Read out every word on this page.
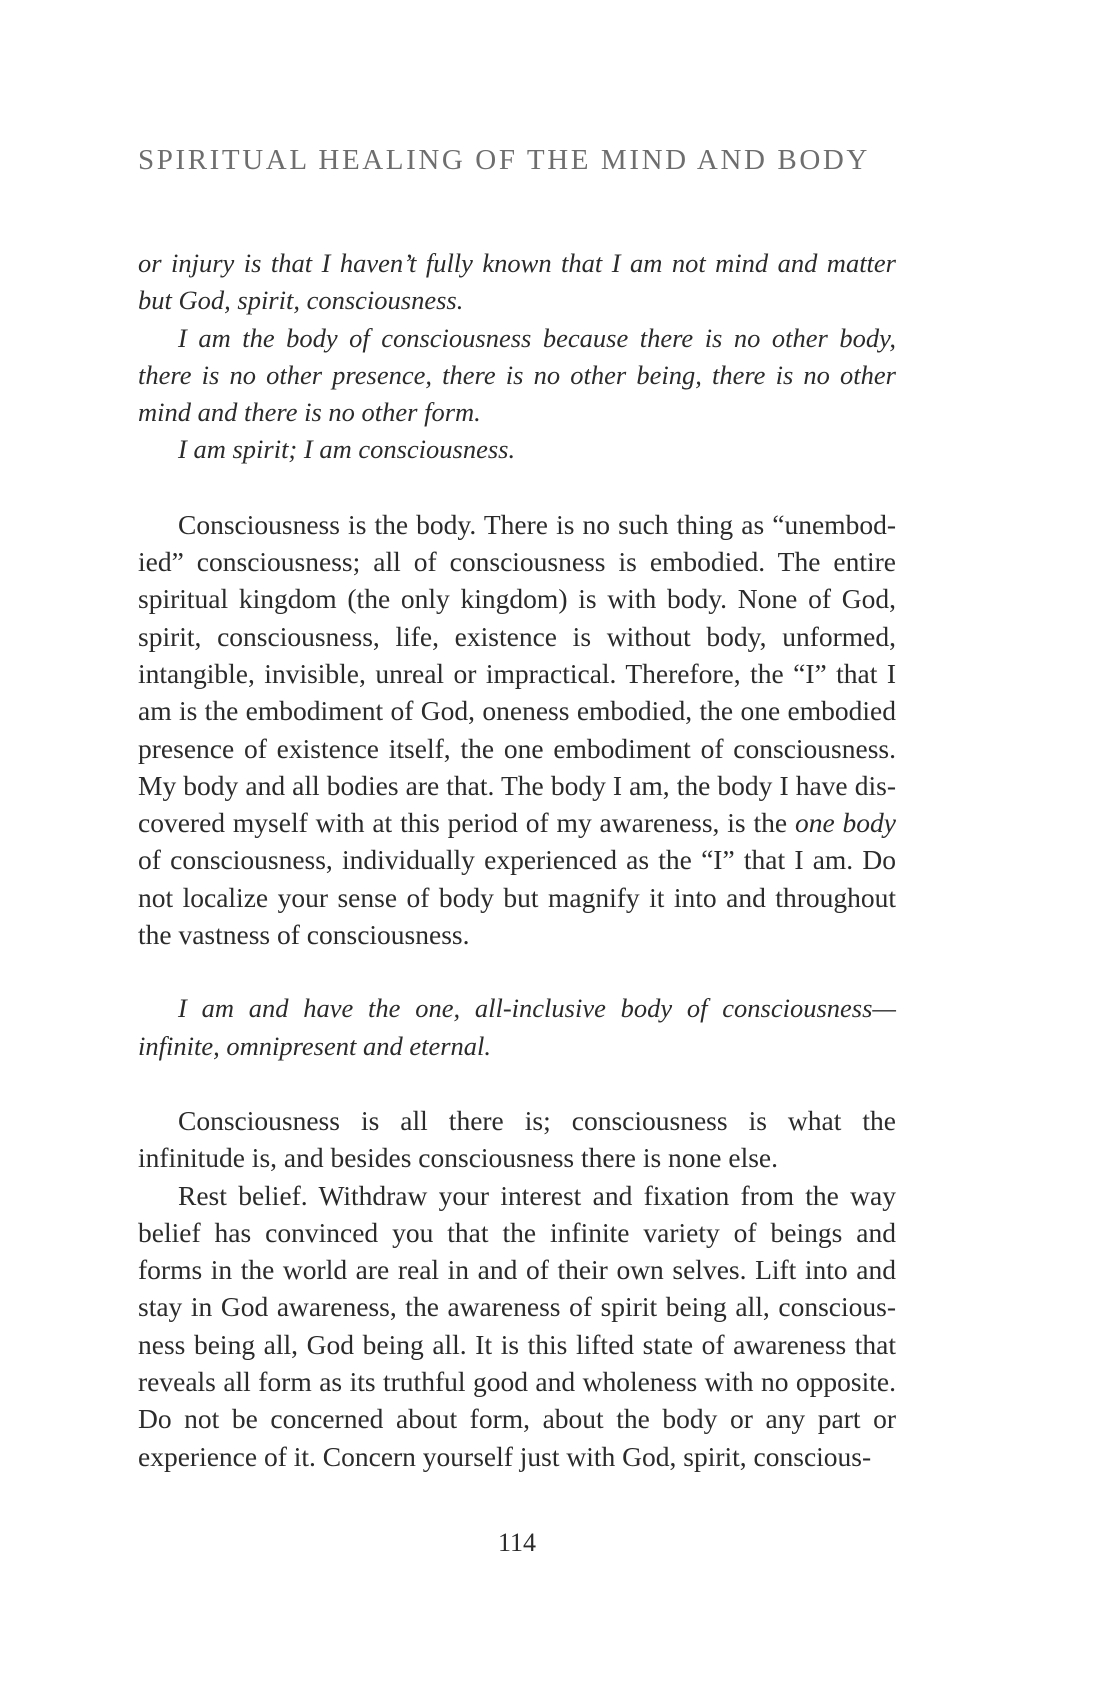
SPIRITUAL HEALING OF THE MIND AND BODY

or injury is that I haven’t fully known that I am not mind and matter but God, spirit, consciousness.

I am the body of consciousness because there is no other body, there is no other presence, there is no other being, there is no other mind and there is no other form.

I am spirit; I am consciousness.

Consciousness is the body. There is no such thing as “unembodied” consciousness; all of consciousness is embodied. The entire spiritual kingdom (the only kingdom) is with body. None of God, spirit, consciousness, life, existence is without body, unformed, intangible, invisible, unreal or impractical. Therefore, the “I” that I am is the embodiment of God, oneness embodied, the one embodied presence of existence itself, the one embodiment of consciousness. My body and all bodies are that. The body I am, the body I have discovered myself with at this period of my awareness, is the one body of consciousness, individually experienced as the “I” that I am. Do not localize your sense of body but magnify it into and throughout the vastness of consciousness.

I am and have the one, all-inclusive body of consciousness—infinite, omnipresent and eternal.

Consciousness is all there is; consciousness is what the infinitude is, and besides consciousness there is none else.

Rest belief. Withdraw your interest and fixation from the way belief has convinced you that the infinite variety of beings and forms in the world are real in and of their own selves. Lift into and stay in God awareness, the awareness of spirit being all, consciousness being all, God being all. It is this lifted state of awareness that reveals all form as its truthful good and wholeness with no opposite. Do not be concerned about form, about the body or any part or experience of it. Concern yourself just with God, spirit, conscious-

114
